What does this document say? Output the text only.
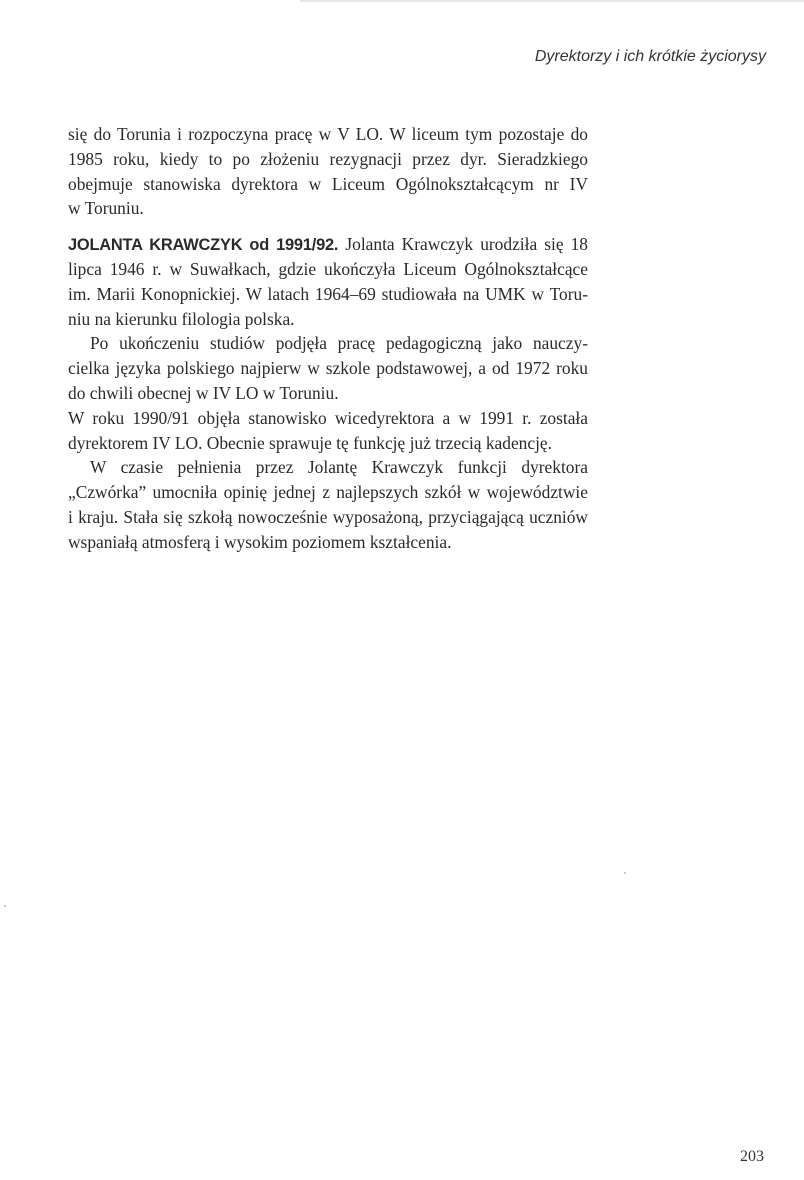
Dyrektorzy i ich krótkie życiorysy
się do Torunia i rozpoczyna pracę w V LO. W liceum tym pozostaje do
1985 roku, kiedy to po złożeniu rezygnacji przez dyr. Sieradzkiego
obejmuje stanowiska dyrektora w Liceum Ogólnokształcącym nr IV
w Toruniu.
JOLANTA KRAWCZYK od 1991/92. Jolanta Krawczyk urodziła się 18
lipca 1946 r. w Suwałkach, gdzie ukończyła Liceum Ogólnokształcące
im. Marii Konopnickiej. W latach 1964–69 studiowała na UMK w Toru-
niu na kierunku filologia polska.
Po ukończeniu studiów podjęła pracę pedagogiczną jako nauczy-
cielka języka polskiego najpierw w szkole podstawowej, a od 1972 roku
do chwili obecnej w IV LO w Toruniu.
W roku 1990/91 objęła stanowisko wicedyrektora a w 1991 r. została
dyrektorem IV LO. Obecnie sprawuje tę funkcję już trzecią kadencję.
W czasie pełnienia przez Jolantę Krawczyk funkcji dyrektora
„Czwórka” umocniła opinię jednej z najlepszych szkół w województwie
i kraju. Stała się szkołą nowocześnie wyposażoną, przyciągającą uczniów
wspaniałą atmosferą i wysokim poziomem kształcenia.
203
